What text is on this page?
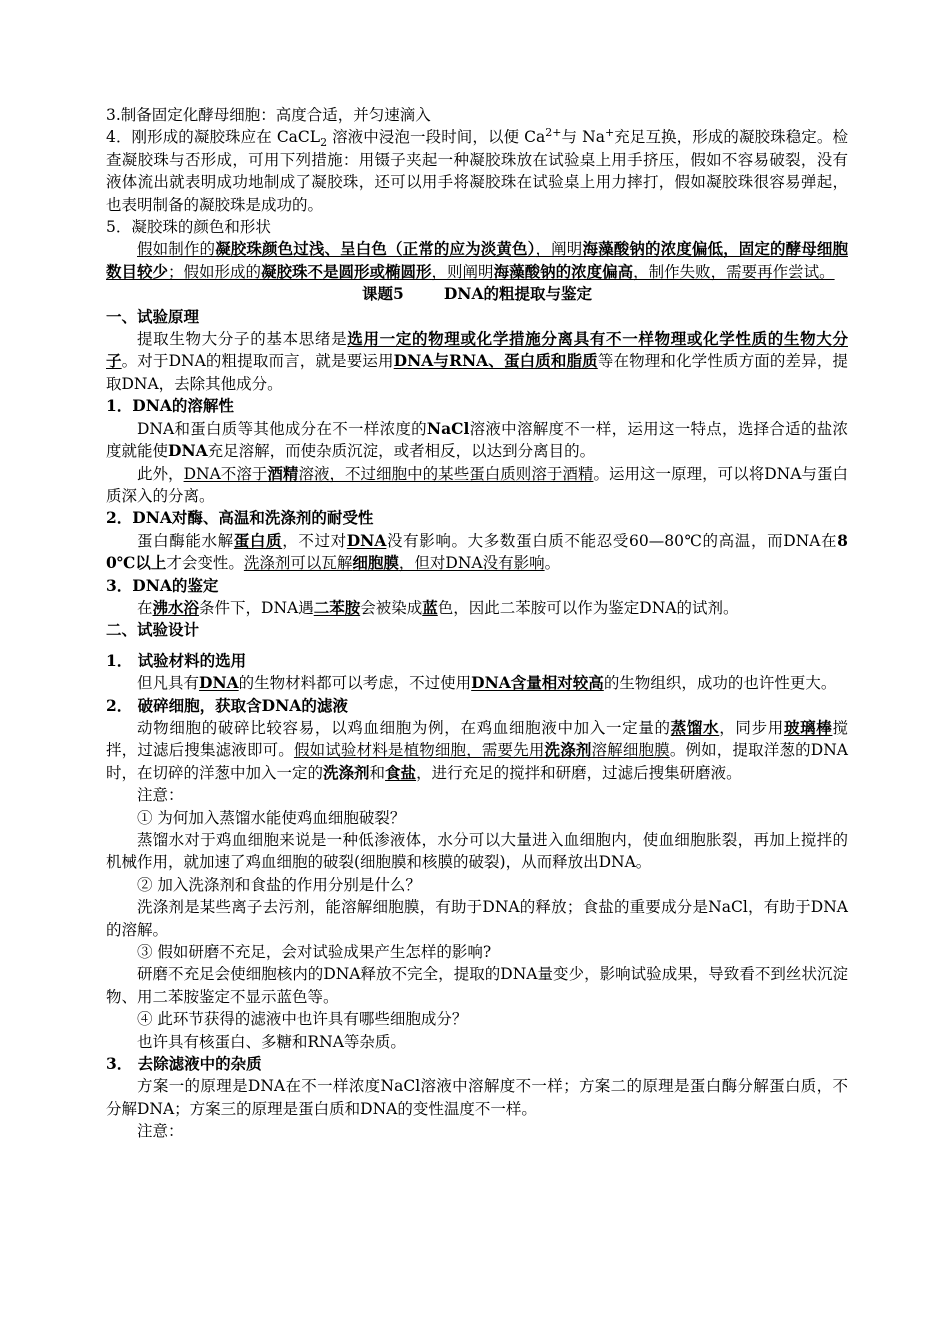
3.制备固定化酵母细胞：高度合适，并匀速滴入

4．刚形成的凝胶珠应在 CaCL$_2$ 溶液中浸泡一段时间，以便 $Ca^{2+}$与 Na+充足互换，形成的凝胶珠稳定。检查凝胶珠与否形成，可用下列措施：用镊子夹起一种凝胶珠放在试验桌上用手挤压，假如不容易破裂，没有液体流出就表明成功地制成了凝胶珠，还可以用手将凝胶珠在试验桌上用力摔打，假如凝胶珠很容易弹起，也表明制备的凝胶珠是成功的。

5．凝胶珠的颜色和形状

假如制作的凝胶珠颜色过浅、呈白色（正常的应为淡黄色），阐明海藻酸钠的浓度偏低，固定的酵母细胞数目较少；假如形成的凝胶珠不是圆形或椭圆形，则阐明海藻酸钠的浓度偏高，制作失败，需要再作尝试。

课题5	DNA的粗提取与鉴定

一、试验原理

提取生物大分子的基本思绪是选用一定的物理或化学措施分离具有不一样物理或化学性质的生物大分子。对于DNA的粗提取而言，就是要运用DNA与RNA、蛋白质和脂质等在物理和化学性质方面的差异，提取DNA，去除其他成分。

1．DNA的溶解性

DNA和蛋白质等其他成分在不一样浓度的NaCl溶液中溶解度不一样，运用这一特点，选择合适的盐浓度就能使DNA充足溶解，而使杂质沉淀，或者相反，以达到分离目的。

此外，DNA不溶于酒精溶液，不过细胞中的某些蛋白质则溶于酒精。运用这一原理，可以将DNA与蛋白质深入的分离。

2．DNA对酶、高温和洗涤剂的耐受性

蛋白酶能水解蛋白质，不过对DNA没有影响。大多数蛋白质不能忍受60—80℃的高温，而DNA在80℃以上才会变性。洗涤剂可以瓦解细胞膜，但对DNA没有影响。

3．DNA的鉴定

在沸水浴条件下，DNA遇二苯胺会被染成蓝色，因此二苯胺可以作为鉴定DNA的试剂。

二、试验设计

1． 试验材料的选用

但凡具有DNA的生物材料都可以考虑，不过使用DNA含量相对较高的生物组织，成功的也许性更大。

2． 破碎细胞，获取含DNA的滤液

动物细胞的破碎比较容易，以鸡血细胞为例，在鸡血细胞液中加入一定量的蒸馏水，同步用玻璃棒搅拌，过滤后搜集滤液即可。假如试验材料是植物细胞，需要先用洗涤剂溶解细胞膜。例如，提取洋葱的DNA时，在切碎的洋葱中加入一定的洗涤剂和食盐，进行充足的搅拌和研磨，过滤后搜集研磨液。

注意：

① 为何加入蒸馏水能使鸡血细胞破裂？

蒸馏水对于鸡血细胞来说是一种低渗液体，水分可以大量进入血细胞内，使血细胞胀裂，再加上搅拌的机械作用，就加速了鸡血细胞的破裂(细胞膜和核膜的破裂)，从而释放出DNA。

② 加入洗涤剂和食盐的作用分别是什么？

洗涤剂是某些离子去污剂，能溶解细胞膜，有助于DNA的释放；食盐的重要成分是NaCl，有助于DNA的溶解。

③ 假如研磨不充足，会对试验成果产生怎样的影响?

研磨不充足会使细胞核内的DNA释放不完全，提取的DNA量变少，影响试验成果，导致看不到丝状沉淀物、用二苯胺鉴定不显示蓝色等。

④ 此环节获得的滤液中也许具有哪些细胞成分？

也许具有核蛋白、多糖和RNA等杂质。

3． 去除滤液中的杂质

方案一的原理是DNA在不一样浓度NaCl溶液中溶解度不一样；方案二的原理是蛋白酶分解蛋白质，不分解DNA；方案三的原理是蛋白质和DNA的变性温度不一样。

注意：
